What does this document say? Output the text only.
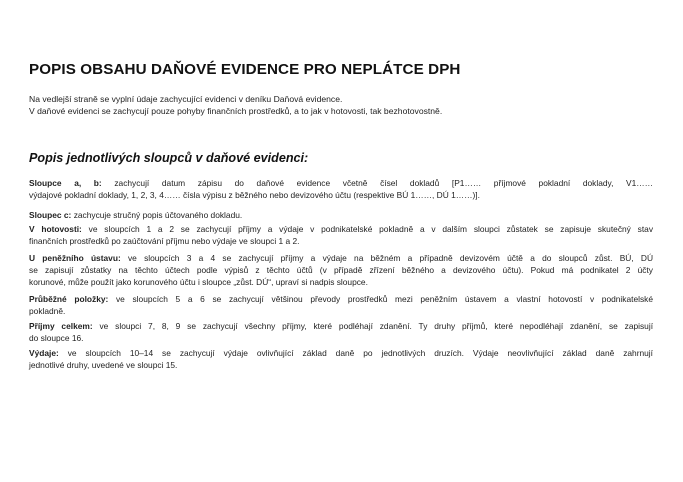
POPIS OBSAHU DAŇOVÉ EVIDENCE PRO NEPLÁTCE DPH
Na vedlejší straně se vyplní údaje zachycující evidenci v deníku Daňová evidence.
V daňové evidenci se zachycují pouze pohyby finančních prostředků, a to jak v hotovosti, tak bezhotovostně.
Popis jednotlivých sloupců v daňové evidenci:
Sloupce a, b: zachycují datum zápisu do daňové evidence včetně čísel dokladů [P1…… příjmové pokladní doklady, V1……
výdajové pokladní doklady, 1, 2, 3, 4…… čísla výpisu z běžného nebo devizového účtu (respektive BÚ 1……, DÚ 1……)].
Sloupec c: zachycuje stručný popis účtovaného dokladu.
V hotovosti: ve sloupcích 1 a 2 se zachycují příjmy a výdaje v podnikatelské pokladně a v dalším sloupci zůstatek se zapisuje skutečný stav
finančních prostředků po zaúčtování příjmu nebo výdaje ve sloupci 1 a 2.
U peněžního ústavu: ve sloupcích 3 a 4 se zachycují příjmy a výdaje na běžném a případně devizovém účtě a do sloupců zůst. BÚ, DÚ
se zapisují zůstatky na těchto účtech podle výpisů z těchto účtů (v případě zřízení běžného a devizového účtu). Pokud má podnikatel 2 účty
korunové, může použít jako korunového účtu i sloupce „zůst. DÚ“, upraví si nadpis sloupce.
Průběžné položky: ve sloupcích 5 a 6 se zachycují většinou převody prostředků mezi peněžním ústavem a vlastní hotovostí v podnikatelské
pokladně.
Příjmy celkem: ve sloupci 7, 8, 9 se zachycují všechny příjmy, které podléhají zdanění. Ty druhy příjmů, které nepodléhají zdanění, se zapisují
do sloupce 16.
Výdaje: ve sloupcích 10–14 se zachycují výdaje ovlivňující základ daně po jednotlivých druzích. Výdaje neovlivňující základ daně zahrnují
jednotlivé druhy, uvedené ve sloupci 15.
